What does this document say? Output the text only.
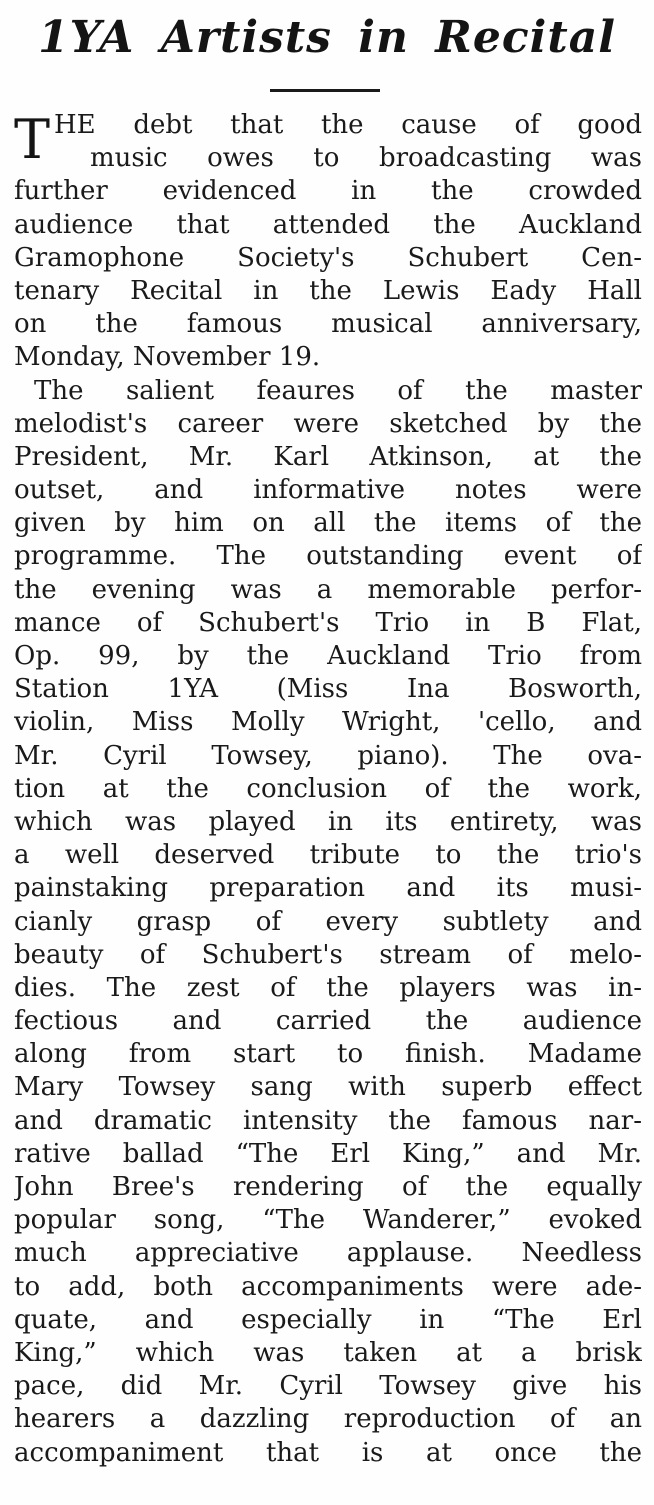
1YA Artists in Recital
T HE debt that the cause of good
music owes to broadcasting was
further evidenced in the crowded
audience that attended the Auckland
Gramophone Society's Schubert Cen-
tenary Recital in the Lewis Eady Hall
on the famous musical anniversary,
Monday, November 19.
The salient feaures of the master
melodist's career were sketched by the
President, Mr. Karl Atkinson, at the
outset, and informative notes were
given by him on all the items of the
programme. The outstanding event of
the evening was a memorable perfor-
mance of Schubert's Trio in B Flat,
Op. 99, by the Auckland Trio from
Station 1YA (Miss Ina Bosworth,
violin, Miss Molly Wright, 'cello, and
Mr. Cyril Towsey, piano). The ova-
tion at the conclusion of the work,
which was played in its entirety, was
a well deserved tribute to the trio's
painstaking preparation and its musi-
cianly grasp of every subtlety and
beauty of Schubert's stream of melo-
dies. The zest of the players was in-
fectious and carried the audience
along from start to finish. Madame
Mary Towsey sang with superb effect
and dramatic intensity the famous nar-
rative ballad “The Erl King,” and Mr.
John Bree's rendering of the equally
popular song, “The Wanderer,” evoked
much appreciative applause. Needless
to add, both accompaniments were ade-
quate, and especially in “The Erl
King,” which was taken at a brisk
pace, did Mr. Cyril Towsey give his
hearers a dazzling reproduction of an
accompaniment that is at once the
